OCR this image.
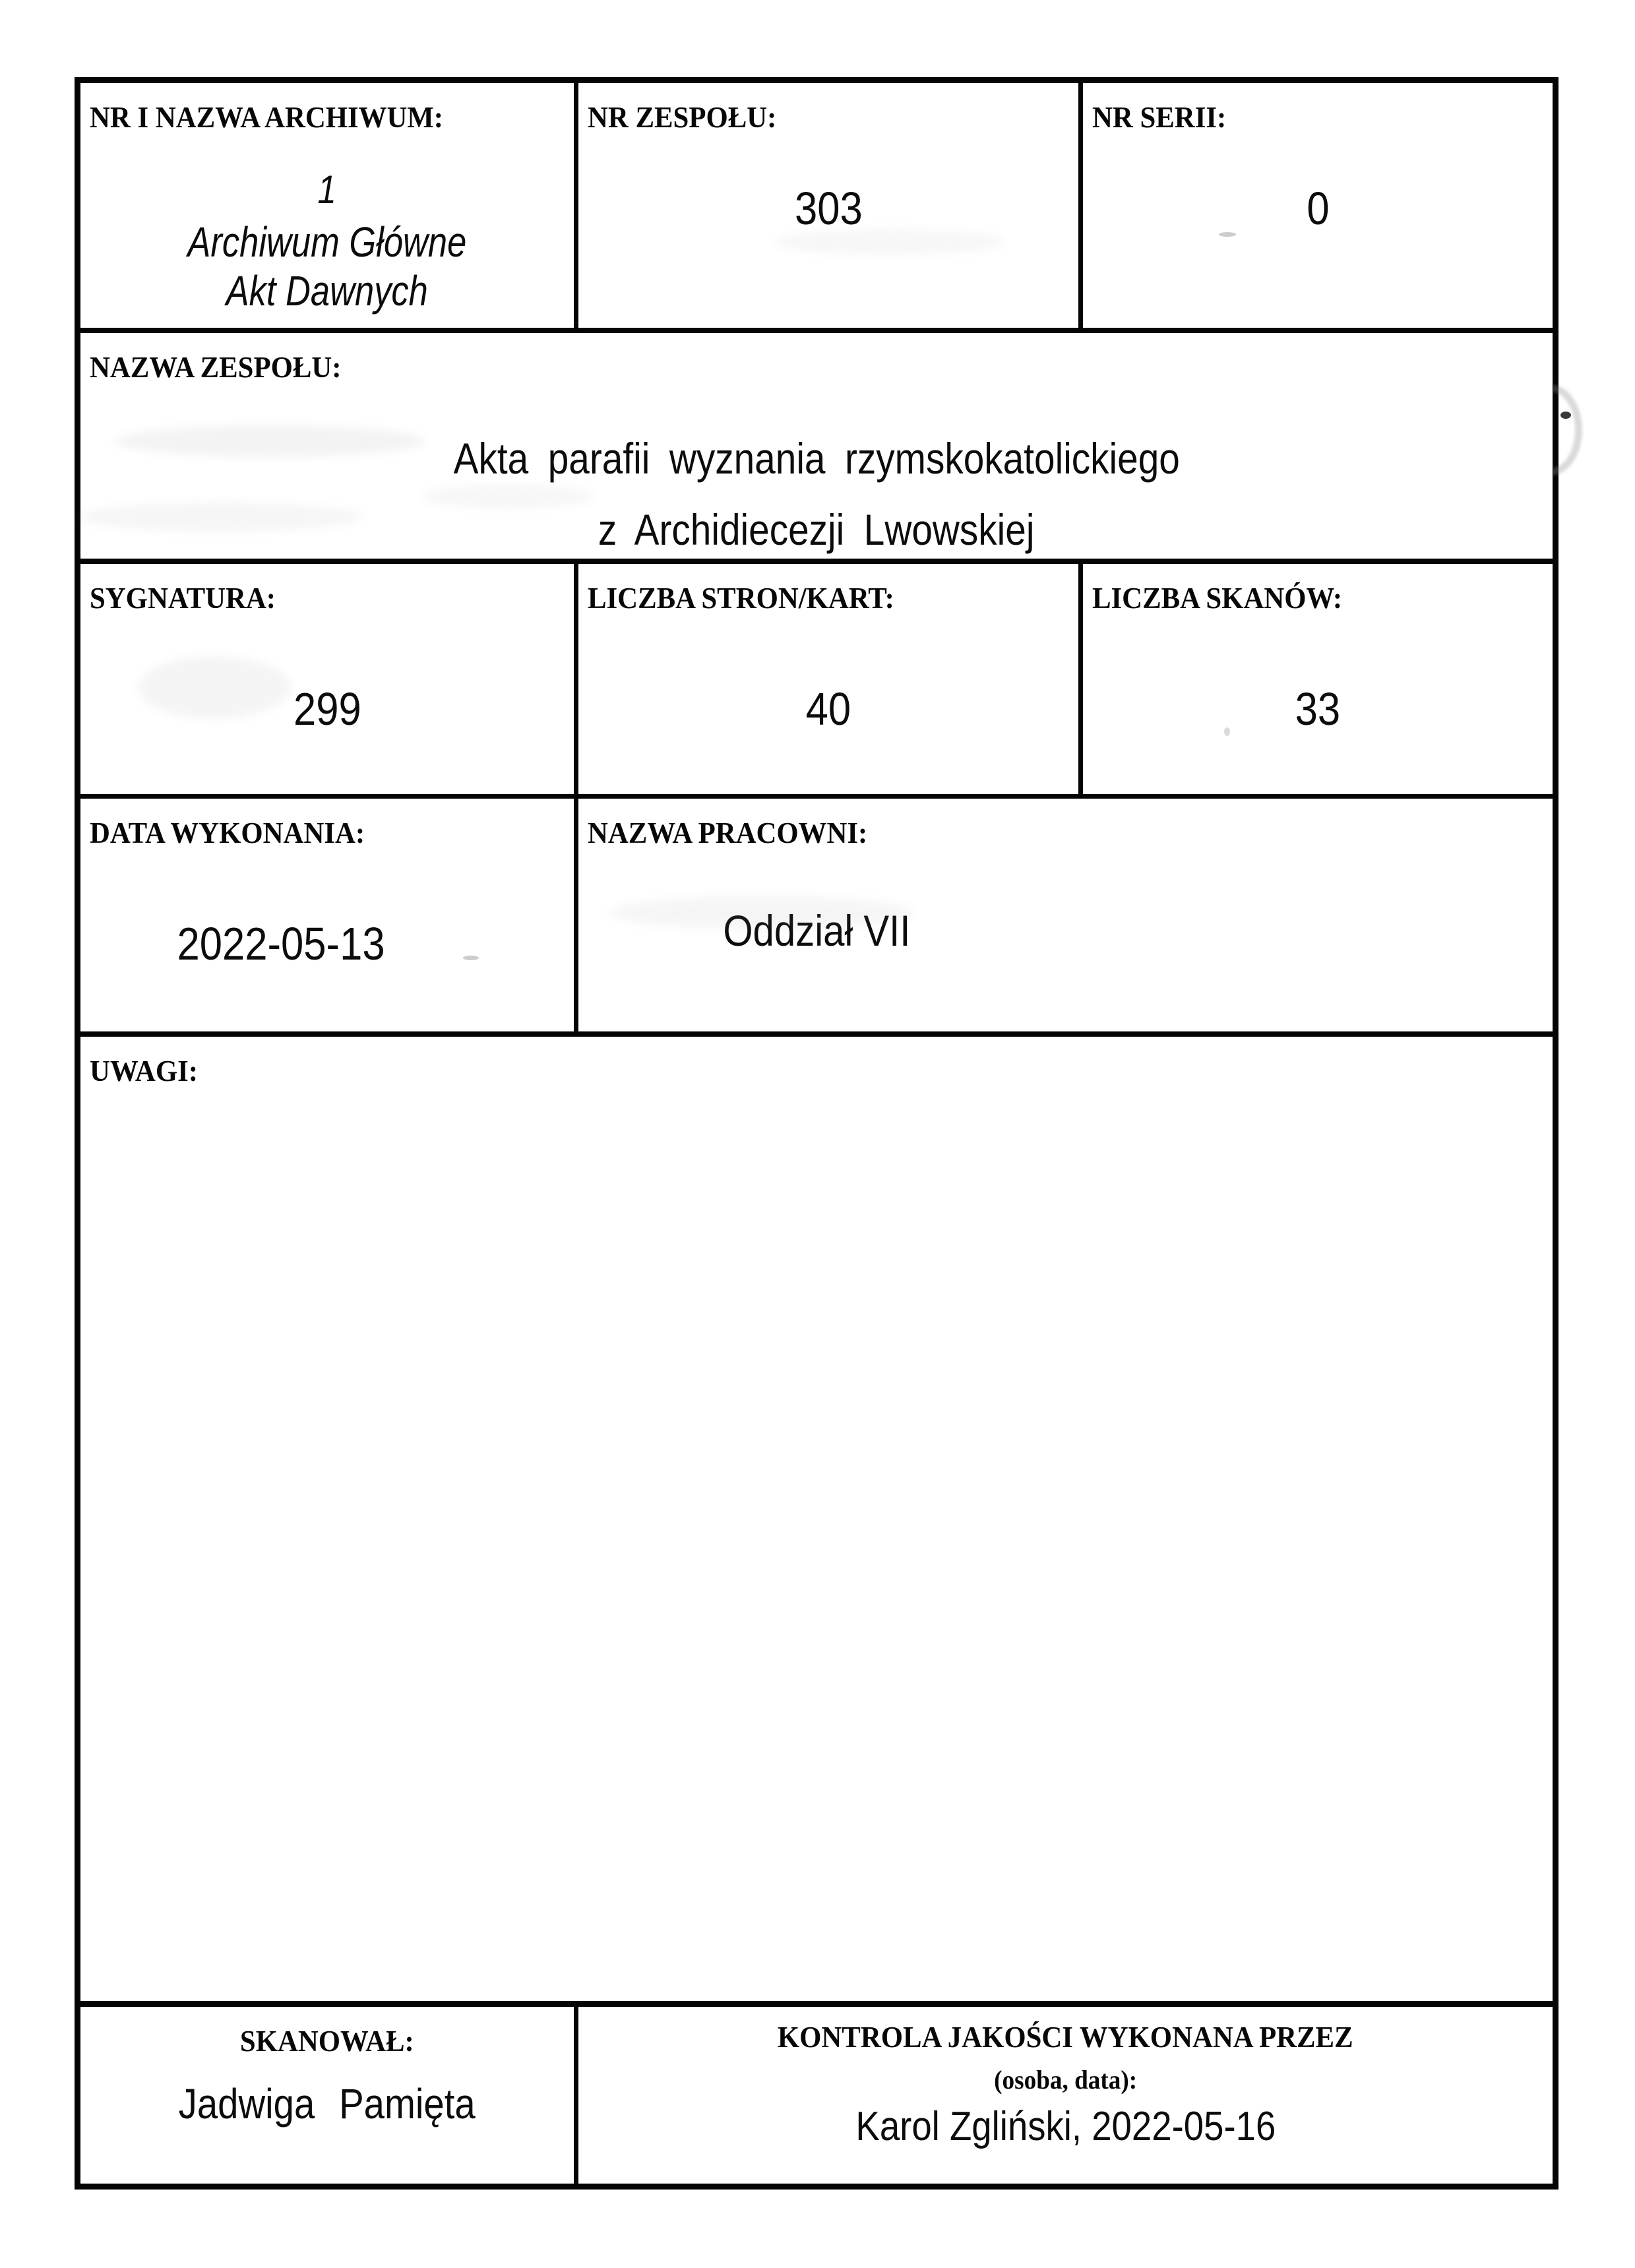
NR I NAZWA ARCHIWUM:
1
Archiwum Główne
Akt Dawnych
NR ZESPOŁU:
303
NR SERII:
0
NAZWA ZESPOŁU:
Akta parafii wyznania rzymskokatolickiego
z Archidiecezji Lwowskiej
SYGNATURA:
299
LICZBA STRON/KART:
40
LICZBA SKANÓW:
33
DATA WYKONANIA:
2022-05-13
NAZWA PRACOWNI:
Oddział VII
UWAGI:
SKANOWAŁ:
Jadwiga Pamięta
KONTROLA JAKOŚCI WYKONANA PRZEZ
(osoba, data):
Karol Zgliński, 2022-05-16
